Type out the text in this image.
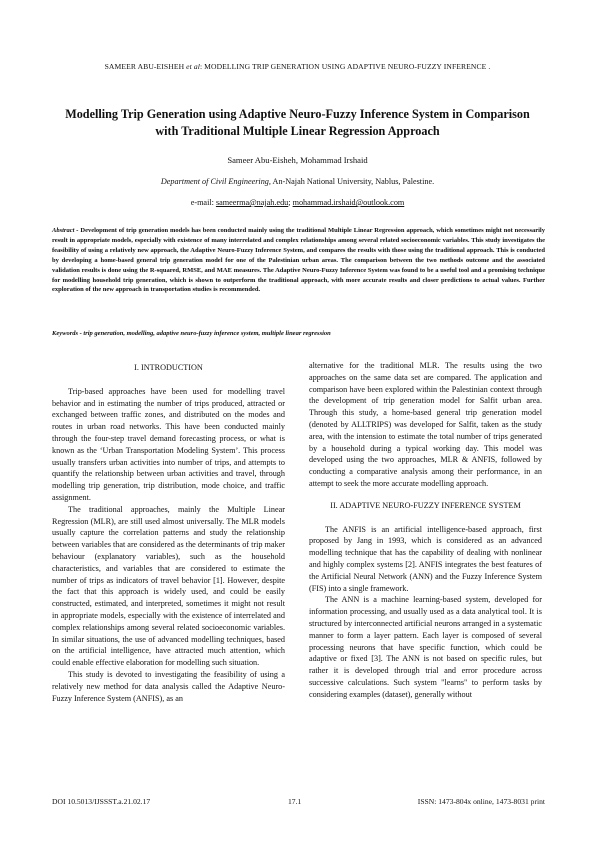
SAMEER ABU-EISHEH et al: MODELLING TRIP GENERATION USING ADAPTIVE NEURO-FUZZY INFERENCE .
Modelling Trip Generation using Adaptive Neuro-Fuzzy Inference System in Comparison with Traditional Multiple Linear Regression Approach
Sameer Abu-Eisheh, Mohammad Irshaid
Department of Civil Engineering, An-Najah National University, Nablus, Palestine.
e-mail: sameerma@najah.edu; mohammad.irshaid@outlook.com
Abstract - Development of trip generation models has been conducted mainly using the traditional Multiple Linear Regression approach, which sometimes might not necessarily result in appropriate models, especially with existence of many interrelated and complex relationships among several related socioeconomic variables. This study investigates the feasibility of using a relatively new approach, the Adaptive Neuro-Fuzzy Inference System, and compares the results with those using the traditional approach. This is conducted by developing a home-based general trip generation model for one of the Palestinian urban areas. The comparison between the two methods outcome and the associated validation results is done using the R-squared, RMSE, and MAE measures. The Adaptive Neuro-Fuzzy Inference System was found to be a useful tool and a promising technique for modelling household trip generation, which is shown to outperform the traditional approach, with more accurate results and closer predictions to actual values. Further exploration of the new approach in transportation studies is recommended.
Keywords - trip generation, modelling, adaptive neuro-fuzzy inference system, multiple linear regression
I. INTRODUCTION

Trip-based approaches have been used for modelling travel behavior and in estimating the number of trips produced, attracted or exchanged between traffic zones, and distributed on the modes and routes in urban road networks. This have been conducted mainly through the four-step travel demand forecasting process, or what is known as the ‘Urban Transportation Modeling System’. This process usually transfers urban activities into number of trips, and attempts to quantify the relationship between urban activities and travel, through modelling trip generation, trip distribution, mode choice, and traffic assignment.

The traditional approaches, mainly the Multiple Linear Regression (MLR), are still used almost universally. The MLR models usually capture the correlation patterns and study the relationship between variables that are considered as the determinants of trip maker behaviour (explanatory variables), such as the household characteristics, and variables that are considered to estimate the number of trips as indicators of travel behavior [1]. However, despite the fact that this approach is widely used, and could be easily constructed, estimated, and interpreted, sometimes it might not result in appropriate models, especially with the existence of interrelated and complex relationships among several related socioeconomic variables. In similar situations, the use of advanced modelling techniques, based on the artificial intelligence, have attracted much attention, which could enable effective elaboration for modelling such situation.

This study is devoted to investigating the feasibility of using a relatively new method for data analysis called the Adaptive Neuro-Fuzzy Inference System (ANFIS), as an

alternative for the traditional MLR. The results using the two approaches on the same data set are compared. The application and comparison have been explored within the Palestinian context through the development of trip generation model for Salfit urban area. Through this study, a home-based general trip generation model (denoted by ALLTRIPS) was developed for Salfit, taken as the study area, with the intension to estimate the total number of trips generated by a household during a typical working day. This model was developed using the two approaches, MLR & ANFIS, followed by conducting a comparative analysis among their performance, in an attempt to seek the more accurate modelling approach.

II. ADAPTIVE NEURO-FUZZY INFERENCE SYSTEM

The ANFIS is an artificial intelligence-based approach, first proposed by Jang in 1993, which is considered as an advanced modelling technique that has the capability of dealing with nonlinear and highly complex systems [2]. ANFIS integrates the best features of the Artificial Neural Network (ANN) and the Fuzzy Inference System (FIS) into a single framework.

The ANN is a machine learning-based system, developed for information processing, and usually used as a data analytical tool. It is structured by interconnected artificial neurons arranged in a systematic manner to form a layer pattern. Each layer is composed of several processing neurons that have specific function, which could be adaptive or fixed [3]. The ANN is not based on specific rules, but rather it is developed through trial and error procedure across successive calculations. Such system "learns" to perform tasks by considering examples (dataset), generally without

DOI 10.5013/IJSSST.a.21.02.17	17.1	ISSN: 1473-804x online, 1473-8031 print
